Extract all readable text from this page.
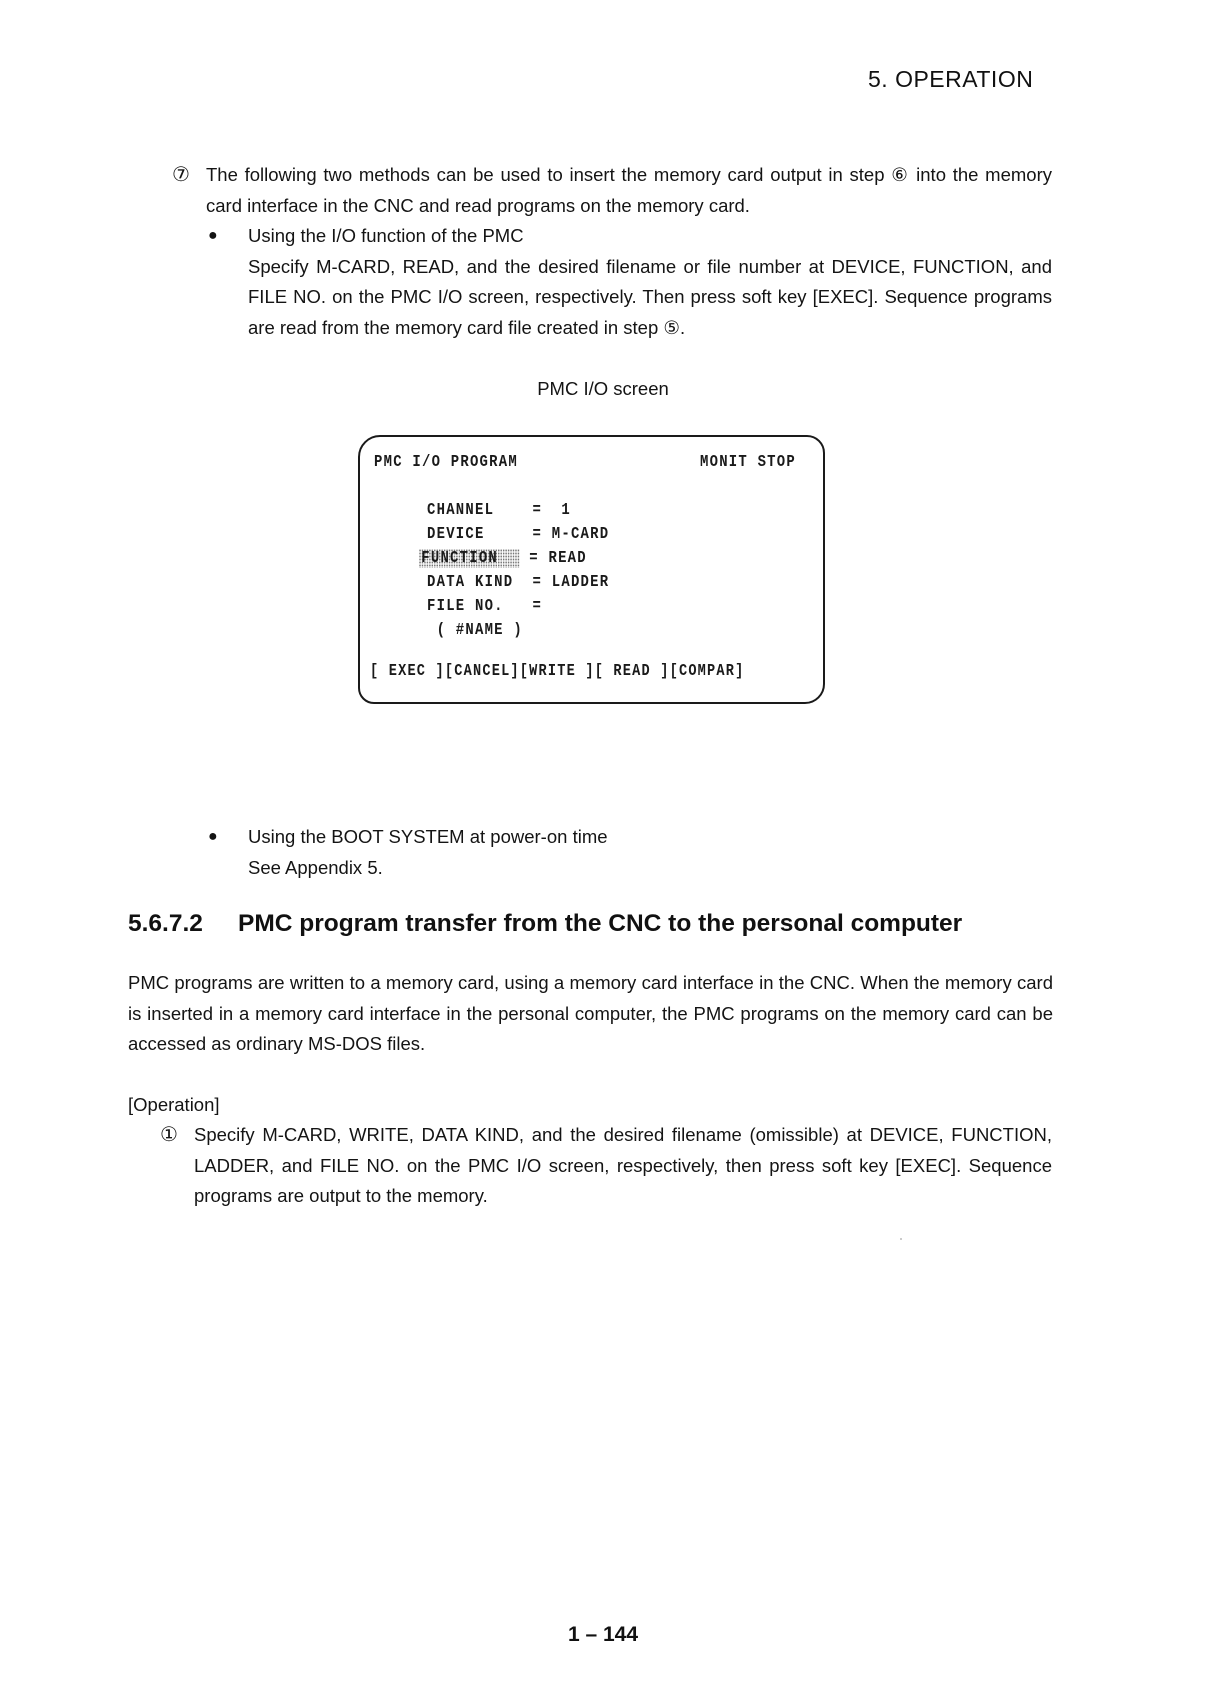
5. OPERATION
⑦ The following two methods can be used to insert the memory card output in step ⑥ into the memory card interface in the CNC and read programs on the memory card.
●	Using the I/O function of the PMC
Specify M-CARD, READ, and the desired filename or file number at DEVICE, FUNCTION, and FILE NO. on the PMC I/O screen, respectively. Then press soft key [EXEC]. Sequence programs are read from the memory card file created in step ⑤.
PMC I/O screen
PMC I/O PROGRAM	MONIT STOP
CHANNEL    =  1
DEVICE     = M-CARD
FUNCTION   = READ
DATA KIND  = LADDER
FILE NO.   =
( #NAME )
[ EXEC ][CANCEL][WRITE ][ READ ][COMPAR]
●	Using the BOOT SYSTEM at power-on time
See Appendix 5.
5.6.7.2 PMC program transfer from the CNC to the personal computer
PMC programs are written to a memory card, using a memory card interface in the CNC. When the memory card is inserted in a memory card interface in the personal computer, the PMC programs on the memory card can be accessed as ordinary MS-DOS files.
[Operation]
① Specify M-CARD, WRITE, DATA KIND, and the desired filename (omissible) at DEVICE, FUNCTION, LADDER, and FILE NO. on the PMC I/O screen, respectively, then press soft key [EXEC]. Sequence programs are output to the memory.
1 – 144
